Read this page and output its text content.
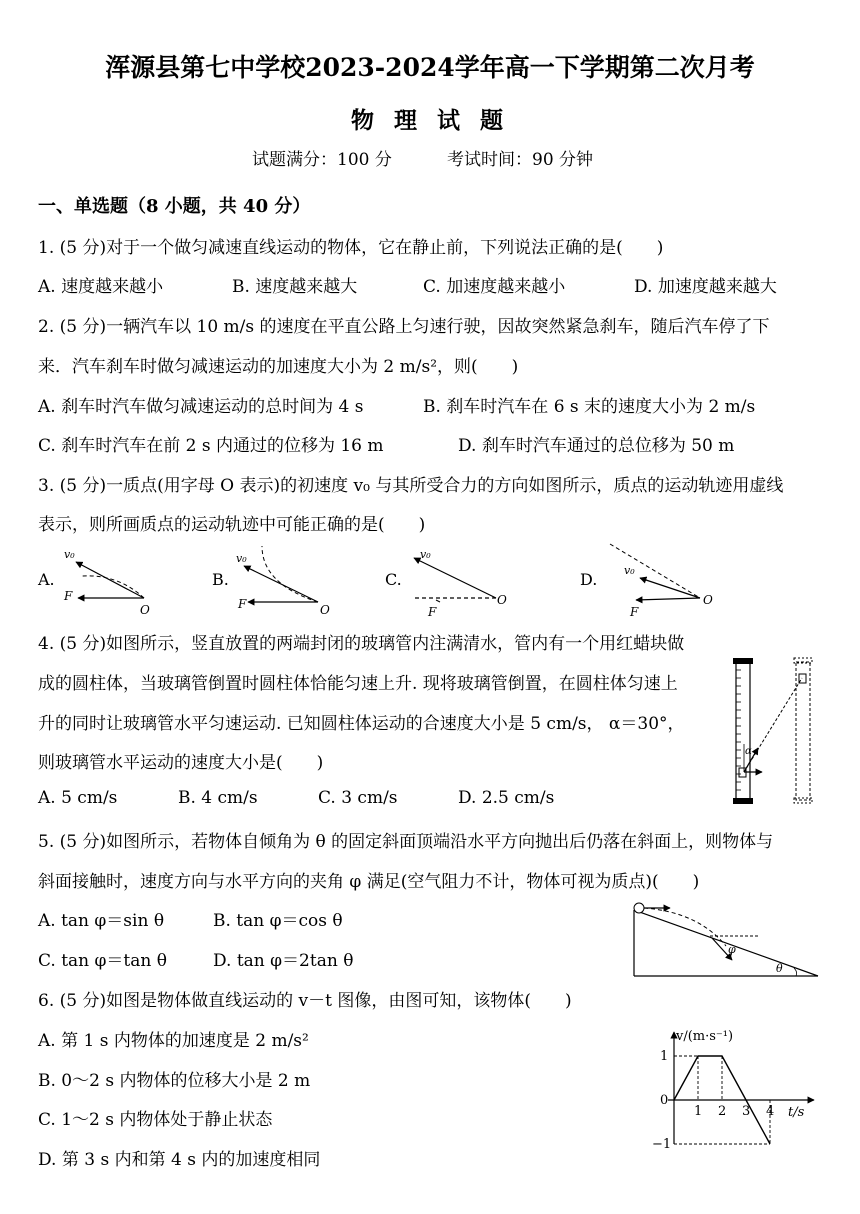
浑源县第七中学校2023-2024学年高一下学期第二次月考
物 理 试 题
试题满分：100 分	考试时间：90 分钟
一、单选题（8 小题，共 40 分）
1. (5 分)对于一个做匀减速直线运动的物体，它在静止前，下列说法正确的是(　　)
A. 速度越来越小	B. 速度越来越大	C. 加速度越来越小	D. 加速度越来越大
2. (5 分)一辆汽车以 10 m/s 的速度在平直公路上匀速行驶，因故突然紧急刹车，随后汽车停了下
来．汽车刹车时做匀减速运动的加速度大小为 2 m/s²，则(　　)
A. 刹车时汽车做匀减速运动的总时间为 4 s	B. 刹车时汽车在 6 s 末的速度大小为 2 m/s
C. 刹车时汽车在前 2 s 内通过的位移为 16 m	D. 刹车时汽车通过的总位移为 50 m
3. (5 分)一质点(用字母 O 表示)的初速度 v₀ 与其所受合力的方向如图所示，质点的运动轨迹用虚线
表示，则所画质点的运动轨迹中可能正确的是(　　)
A.	B.	C.	D.
v₀
F
O
v₀
F	O
v₀
F
O
v₀
F
O
4. (5 分)如图所示，竖直放置的两端封闭的玻璃管内注满清水，管内有一个用红蜡块做
成的圆柱体，当玻璃管倒置时圆柱体恰能匀速上升. 现将玻璃管倒置，在圆柱体匀速上
升的同时让玻璃管水平匀速运动. 已知圆柱体运动的合速度大小是 5 cm/s， α＝30°，
则玻璃管水平运动的速度大小是(　　)
A. 5 cm/s	B. 4 cm/s	C. 3 cm/s	D. 2.5 cm/s
α
5. (5 分)如图所示，若物体自倾角为 θ 的固定斜面顶端沿水平方向抛出后仍落在斜面上，则物体与
斜面接触时，速度方向与水平方向的夹角 φ 满足(空气阻力不计，物体可视为质点)(　　)
A. tan φ＝sin θ	B. tan φ＝cos θ
C. tan φ＝tan θ	D. tan φ＝2tan θ
φ
θ
6. (5 分)如图是物体做直线运动的 v－t 图像，由图可知，该物体(　　)
A. 第 1 s 内物体的加速度是 2 m/s²
B. 0～2 s 内物体的位移大小是 2 m
C. 1～2 s 内物体处于静止状态
D. 第 3 s 内和第 4 s 内的加速度相同
v/(m·s⁻¹)
t/s
1 2 3 4
1
0
−1
